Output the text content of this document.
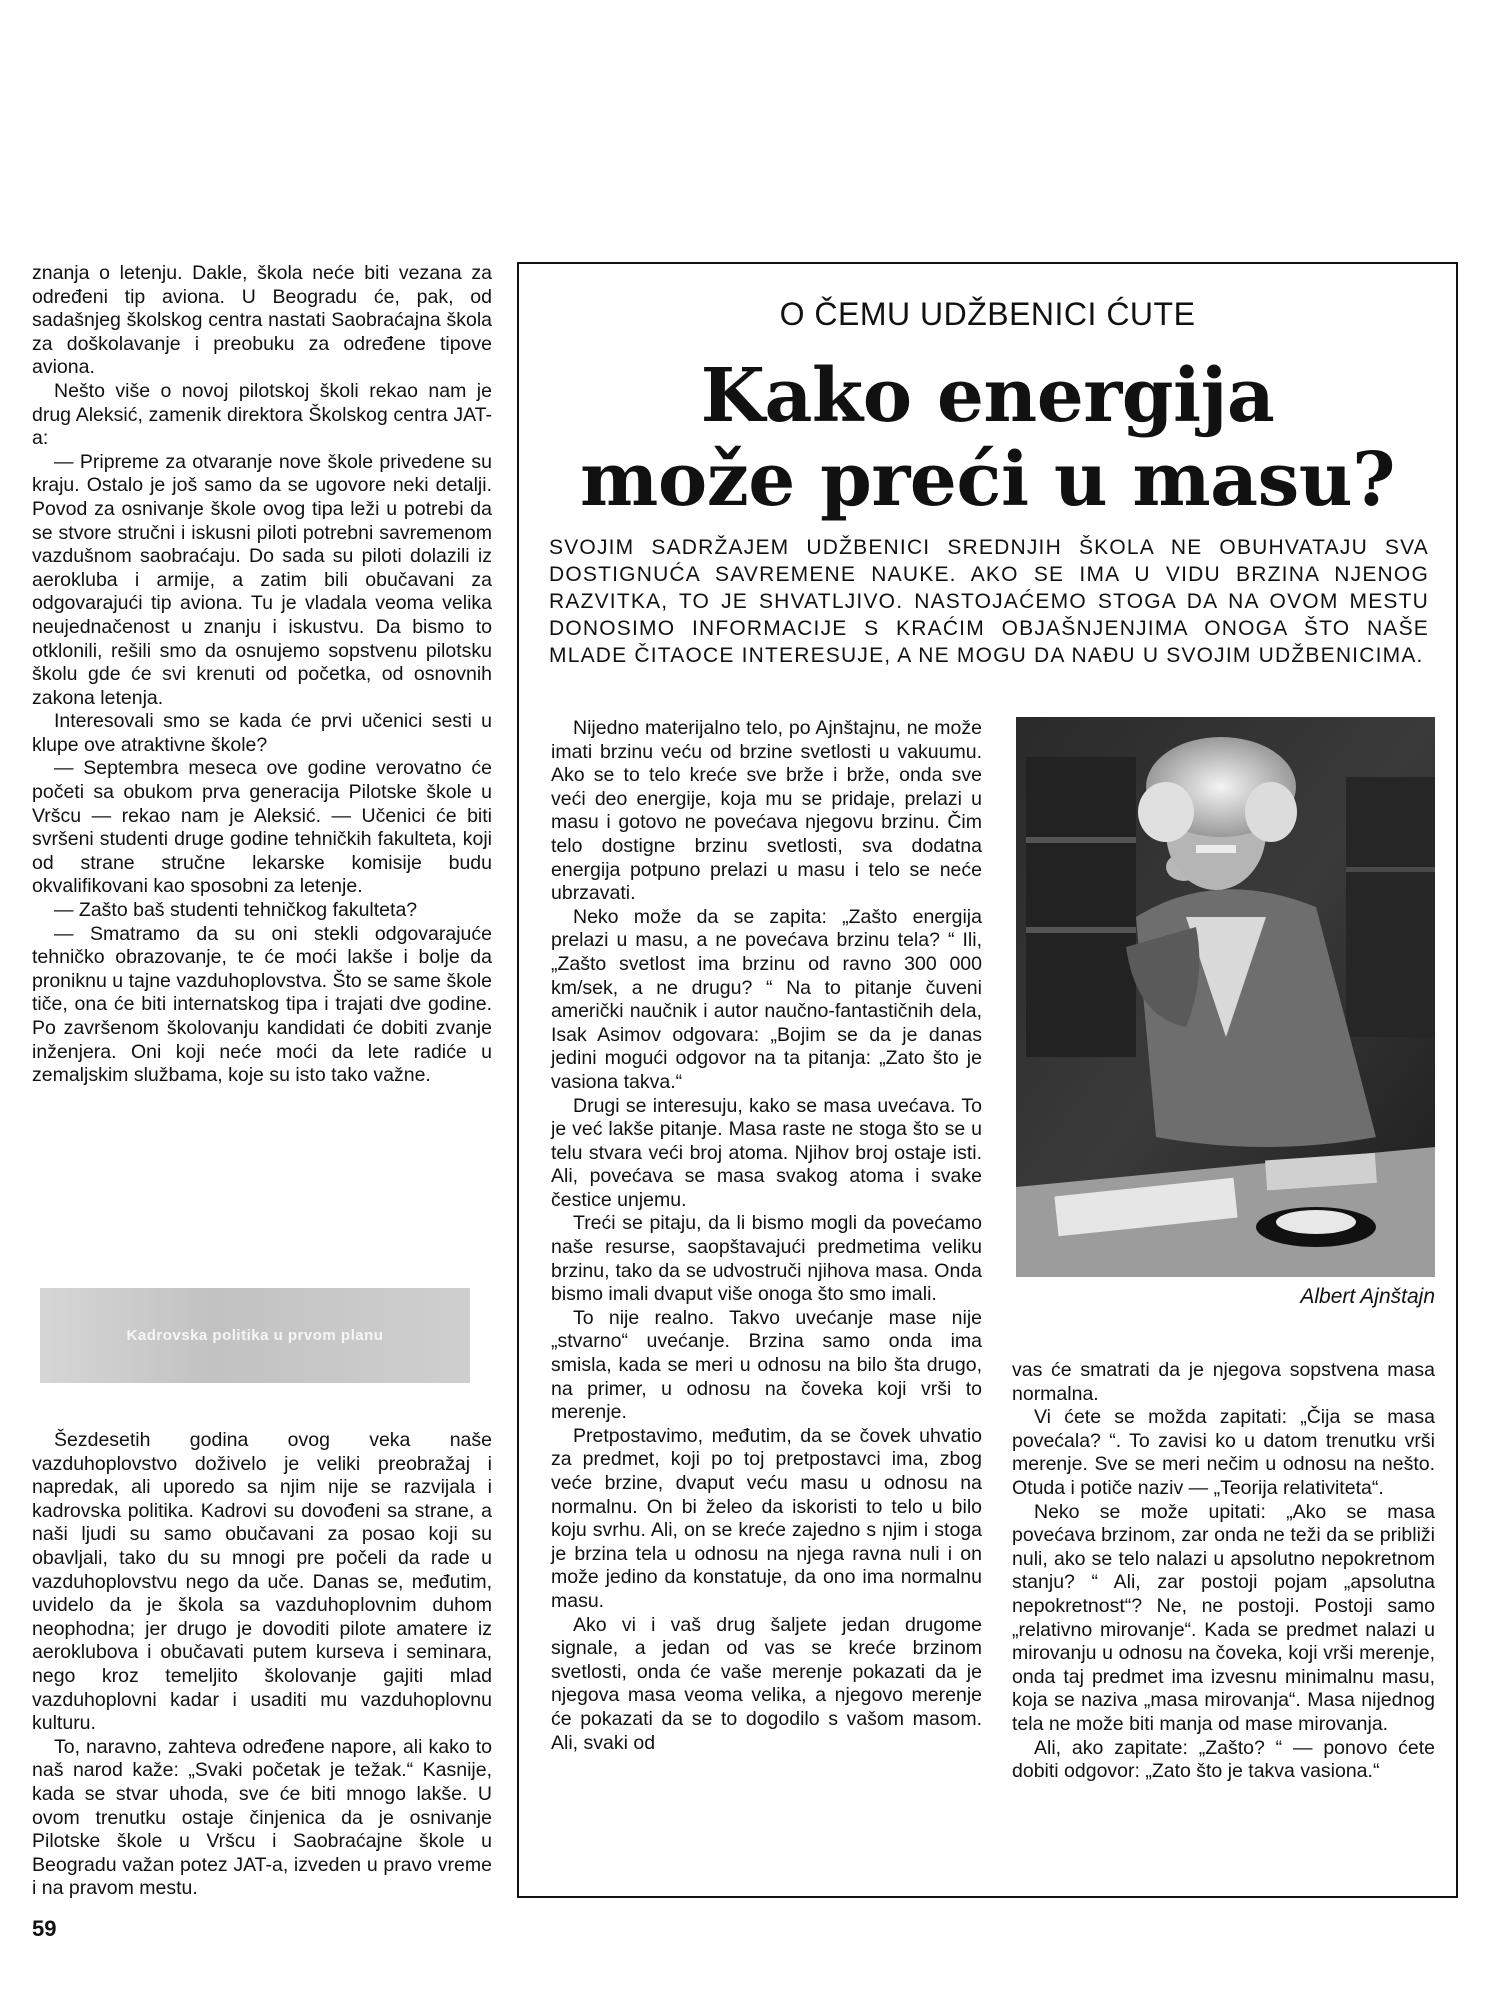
znanja o letenju. Dakle, škola neće biti vezana za određeni tip aviona. U Beogradu će, pak, od sadašnjeg školskog centra nastati Saobraćajna škola za doškolavanje i preobuku za određene tipove aviona.

Nešto više o novoj pilotskoj školi rekao nam je drug Aleksić, zamenik direktora Školskog centra JAT-a:

— Pripreme za otvaranje nove škole privedene su kraju. Ostalo je još samo da se ugovore neki detalji. Povod za osnivanje škole ovog tipa leži u potrebi da se stvore stručni i iskusni piloti potrebni savremenom vazdušnom saobraćaju. Do sada su piloti dolazili iz aerokluba i armije, a zatim bili obučavani za odgovarajući tip aviona. Tu je vladala veoma velika neujednačenost u znanju i iskustvu. Da bismo to otklonili, rešili smo da osnujemo sopstvenu pilotsku školu gde će svi krenuti od početka, od osnovnih zakona letenja.

Interesovali smo se kada će prvi učenici sesti u klupe ove atraktivne škole?

— Septembra meseca ove godine verovatno će početi sa obukom prva generacija Pilotske škole u Vršcu — rekao nam je Aleksić. — Učenici će biti svršeni studenti druge godine tehničkih fakulteta, koji od strane stručne lekarske komisije budu okvalifikovani kao sposobni za letenje.

— Zašto baš studenti tehničkog fakulteta?

— Smatramo da su oni stekli odgovarajuće tehničko obrazovanje, te će moći lakše i bolje da proniknu u tajne vazduhoplovstva. Što se same škole tiče, ona će biti internatskog tipa i trajati dve godine. Po završenom školovanju kandidati će dobiti zvanje inženjera. Oni koji neće moći da lete radiće u zemaljskim službama, koje su isto tako važne.

Kadrovska politika u prvom planu

Šezdesetih godina ovog veka naše vazduhoplovstvo doživelo je veliki preobražaj i napredak, ali uporedo sa njim nije se razvijala i kadrovska politika. Kadrovi su dovođeni sa strane, a naši ljudi su samo obučavani za posao koji su obavljali, tako du su mnogi pre počeli da rade u vazduhoplovstvu nego da uče. Danas se, međutim, uvidelo da je škola sa vazduhoplovnim duhom neophodna; jer drugo je dovoditi pilote amatere iz aeroklubova i obučavati putem kurseva i seminara, nego kroz temeljito školovanje gajiti mlad vazduhoplovni kadar i usaditi mu vazduhoplovnu kulturu.

To, naravno, zahteva određene napore, ali kako to naš narod kaže: „Svaki početak je težak.“ Kasnije, kada se stvar uhoda, sve će biti mnogo lakše. U ovom trenutku ostaje činjenica da je osnivanje Pilotske škole u Vršcu i Saobraćajne škole u Beogradu važan potez JAT-a, izveden u pravo vreme i na pravom mestu.

O ČEMU UDŽBENICI ĆUTE
Kako energija
može preći u masu?
SVOJIM SADRŽAJEM UDŽBENICI SREDNJIH ŠKOLA NE OBUHVATAJU SVA DOSTIGNUĆA SAVREMENE NAUKE. AKO SE IMA U VIDU BRZINA NJENOG RAZVITKA, TO JE SHVATLJIVO. NASTOJAĆEMO STOGA DA NA OVOM MESTU DONOSIMO INFORMACIJE S KRAĆIM OBJAŠNJENJIMA ONOGA ŠTO NAŠE MLADE ČITAOCE INTERESUJE, A NE MOGU DA NAĐU U SVOJIM UDŽBENICIMA.

Nijedno materijalno telo, po Ajnštajnu, ne može imati brzinu veću od brzine svetlosti u vakuumu. Ako se to telo kreće sve brže i brže, onda sve veći deo energije, koja mu se pridaje, prelazi u masu i gotovo ne povećava njegovu brzinu. Čim telo dostigne brzinu svetlosti, sva dodatna energija potpuno prelazi u masu i telo se neće ubrzavati.

Neko može da se zapita: „Zašto energija prelazi u masu, a ne povećava brzinu tela? “ Ili, „Zašto svetlost ima brzinu od ravno 300 000 km/sek, a ne drugu? “ Na to pitanje čuveni američki naučnik i autor naučno-fantastičnih dela, Isak Asimov odgovara: „Bojim se da je danas jedini mogući odgovor na ta pitanja: „Zato što je vasiona takva.“

Drugi se interesuju, kako se masa uvećava. To je već lakše pitanje. Masa raste ne stoga što se u telu stvara veći broj atoma. Njihov broj ostaje isti. Ali, povećava se masa svakog atoma i svake čestice unjemu.

Treći se pitaju, da li bismo mogli da povećamo naše resurse, saopštavajući predmetima veliku brzinu, tako da se udvostruči njihova masa. Onda bismo imali dvaput više onoga što smo imali.

To nije realno. Takvo uvećanje mase nije „stvarno“ uvećanje. Brzina samo onda ima smisla, kada se meri u odnosu na bilo šta drugo, na primer, u odnosu na čoveka koji vrši to merenje.

Pretpostavimo, međutim, da se čovek uhvatio za predmet, koji po toj pretpostavci ima, zbog veće brzine, dvaput veću masu u odnosu na normalnu. On bi želeo da iskoristi to telo u bilo koju svrhu. Ali, on se kreće zajedno s njim i stoga je brzina tela u odnosu na njega ravna nuli i on može jedino da konstatuje, da ono ima normalnu masu.

Ako vi i vaš drug šaljete jedan drugome signale, a jedan od vas se kreće brzinom svetlosti, onda će vaše merenje pokazati da je njegova masa veoma velika, a njegovo merenje će pokazati da se to dogodilo s vašom masom. Ali, svaki od

Albert Ajnštajn

vas će smatrati da je njegova sopstvena masa normalna.

Vi ćete se možda zapitati: „Čija se masa povećala? “. To zavisi ko u datom trenutku vrši merenje. Sve se meri nečim u odnosu na nešto. Otuda i potiče naziv — „Teorija relativiteta“.

Neko se može upitati: „Ako se masa povećava brzinom, zar onda ne teži da se približi nuli, ako se telo nalazi u apsolutno nepokretnom stanju? “ Ali, zar postoji pojam „apsolutna nepokretnost“? Ne, ne postoji. Postoji samo „relativno mirovanje“. Kada se predmet nalazi u mirovanju u odnosu na čoveka, koji vrši merenje, onda taj predmet ima izvesnu minimalnu masu, koja se naziva „masa mirovanja“. Masa nijednog tela ne može biti manja od mase mirovanja.

Ali, ako zapitate: „Zašto? “ — ponovo ćete dobiti odgovor: „Zato što je takva vasiona.“

59
